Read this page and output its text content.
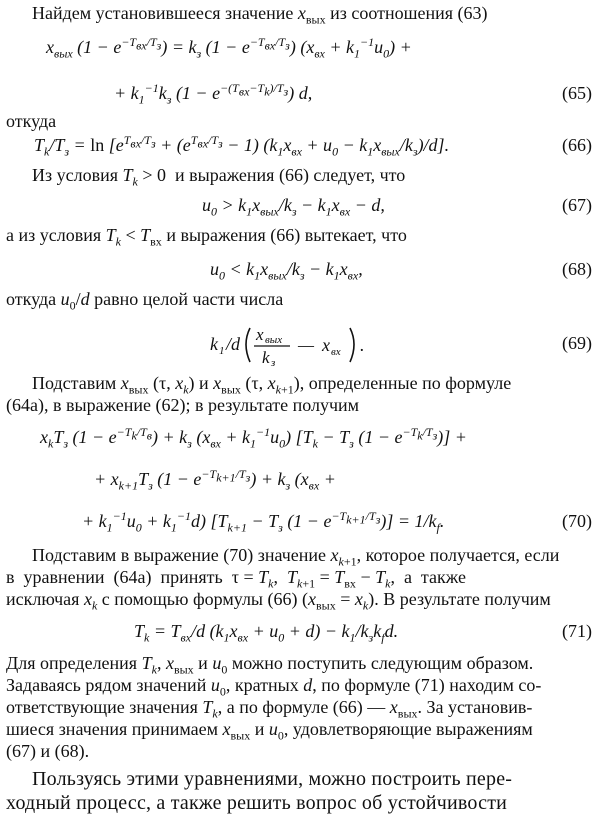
Найдем установившееся значение $x_{вых}$ из соотношения (63)
$x_{вых}$ $(1 - e^{-T_{вх}/T_з}) = k_з$ $(1 - e^{-T_{вх}/T_з})$ $(x_{вх} + k_1^{-1}u_0)$ +
+ $k_1^{-1}k_з$ $(1 - e^{-(T_{вх}-T_k)/T_з})$ d,	(65)
откуда
$T_k/T_з = \ln [e^{T_{вх}/T_з} + (e^{T_{вх}/T_з} - 1) (k_1x_{вх} + u_0 - k_1x_{вых}/k_з)/d]$.	(66)
Из условия $T_k > 0$  и выражения (66) следует, что
$u_0 > k_1x_{вых}/k_з - k_1x_{вх} - d$,	(67)
а из условия $T_k < T_{вх}$ и выражения (66) вытекает, что
$u_0 < k_1x_{вых}/k_з - k_1x_{вх}$,	(68)
откуда $u_0/d$ равно целой части числа
k 1 /d x вых
k з
— x вх .	(69)
Подставим $x_{вых}$ (τ, $x_k$) и $x_{вых}$ (τ, $x_{k+1}$), определенные по формуле
(64а), в выражение (62); в результате получим
$x_kT_з$ $(1 - e^{-T_k/T_в}) + k_з$ $(x_{вх} + k_1^{-1}u_0) [T_k - T_з$ $(1 - e^{-T_k/T_з})$] +
+ $x_{k+1}T_з$ $(1 - e^{-T_{k+1}/T_з}) + k_з$ ($x_{вх}$ +
+ $k_1^{-1}u_0 + k_1^{-1}d$) [$T_{k+1} - T_з$ $(1 - e^{-T_{k+1}/T_з})] = 1/k_f$.	(70)
Подставим в выражение (70) значение $x_{k+1}$, которое получается, если
в  уравнении  (64а)  принять  $\tau = T_k$,  $T_{k+1} = T_{вх} - T_k$,  а  также
исключая $x_k$ с помощью формулы (66) $(x_{вых} = x_k)$. В результате получим
$T_k = T_{вх}/d$ $(k_1x_{вх} + u_0 + d) - k_1/k_зk_fd$.	(71)
Для определения $T_k$, $x_{вых}$ и $u_0$ можно поступить следующим образом.
Задаваясь рядом значений $u_0$, кратных d, по формуле (71) находим со-
ответствующие значения $T_k$, а по формуле (66) — $x_{вых}$. За установив-
шиеся значения принимаем $x_{вых}$ и $u_0$, удовлетворяющие выражениям
(67) и (68).
Пользуясь этими уравнениями, можно построить пере-
ходный процесс, а также решить вопрос об устойчивости
